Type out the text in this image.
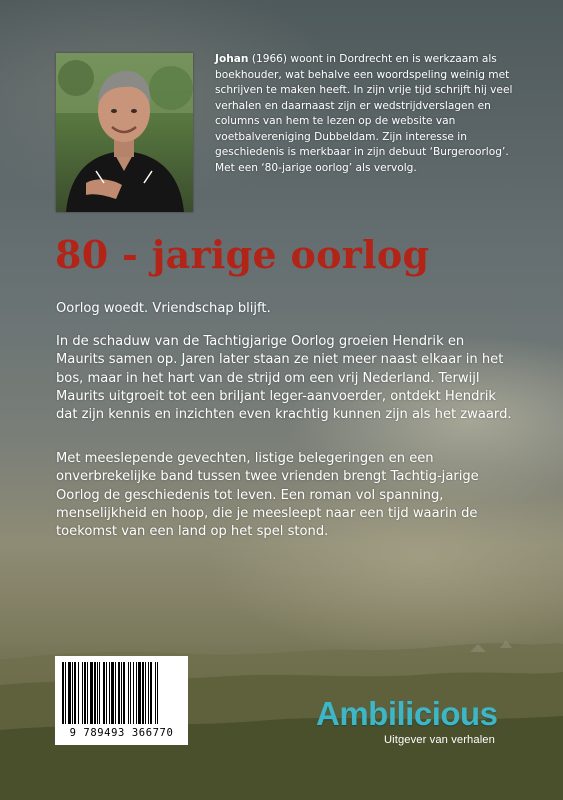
Johan (1966) woont in Dordrecht en is werkzaam als boekhouder, wat behalve een woordspeling weinig met schrijven te maken heeft. In zijn vrije tijd schrijft hij veel verhalen en daarnaast zijn er wedstrijdverslagen en columns van hem te lezen op de website van voetbalvereniging Dubbeldam. Zijn interesse in geschiedenis is merkbaar in zijn debuut ‘Burgeroorlog’. Met een ‘80-jarige oorlog’ als vervolg.
80 - jarige oorlog
Oorlog woedt. Vriendschap blijft.
In de schaduw van de Tachtigjarige Oorlog groeien Hendrik en Maurits samen op. Jaren later staan ze niet meer naast elkaar in het bos, maar in het hart van de strijd om een vrij Nederland. Terwijl Maurits uitgroeit tot een briljant leger-aanvoerder, ontdekt Hendrik dat zijn kennis en inzichten even krachtig kunnen zijn als het zwaard.
Met meeslepende gevechten, listige belegeringen en een onverbrekelijke band tussen twee vrienden brengt Tachtig-jarige Oorlog de geschiedenis tot leven. Een roman vol spanning, menselijkheid en hoop, die je meesleept naar een tijd waarin de toekomst van een land op het spel stond.
9 789493 366770
Ambilicious
Uitgever van verhalen
